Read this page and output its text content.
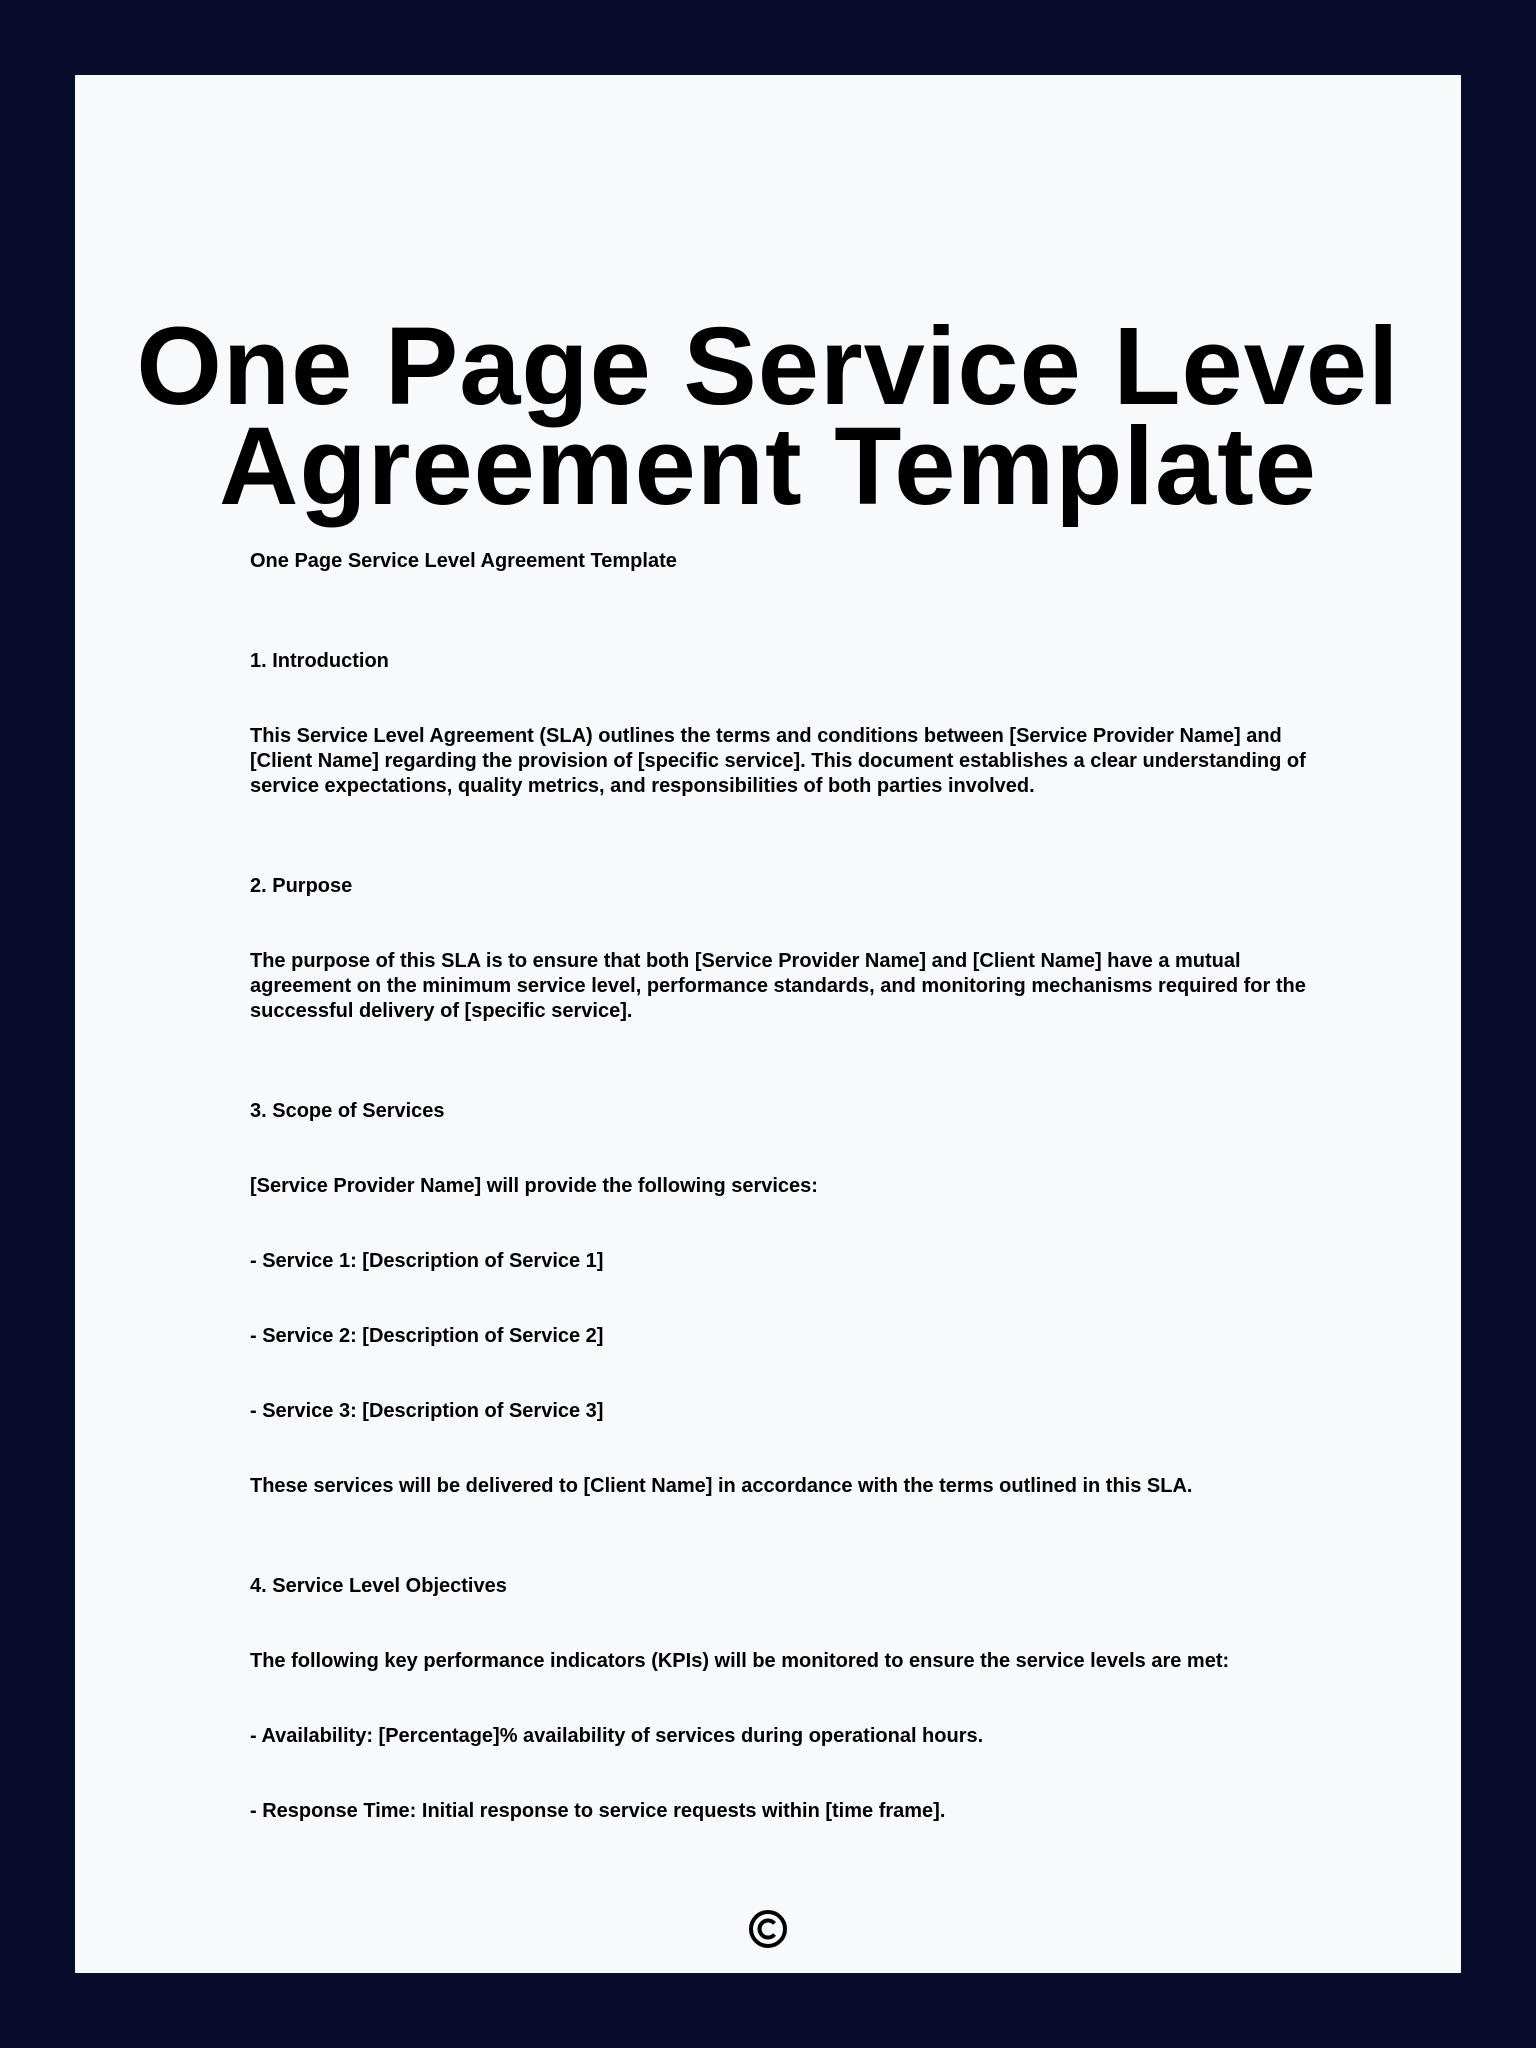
One Page Service Level Agreement Template

One Page Service Level Agreement Template

1. Introduction

This Service Level Agreement (SLA) outlines the terms and conditions between [Service Provider Name] and [Client Name] regarding the provision of [specific service]. This document establishes a clear understanding of service expectations, quality metrics, and responsibilities of both parties involved.

2. Purpose

The purpose of this SLA is to ensure that both [Service Provider Name] and [Client Name] have a mutual agreement on the minimum service level, performance standards, and monitoring mechanisms required for the successful delivery of [specific service].

3. Scope of Services

[Service Provider Name] will provide the following services:

- Service 1: [Description of Service 1]

- Service 2: [Description of Service 2]

- Service 3: [Description of Service 3]

These services will be delivered to [Client Name] in accordance with the terms outlined in this SLA.

4. Service Level Objectives

The following key performance indicators (KPIs) will be monitored to ensure the service levels are met:

- Availability: [Percentage]% availability of services during operational hours.

- Response Time: Initial response to service requests within [time frame].
